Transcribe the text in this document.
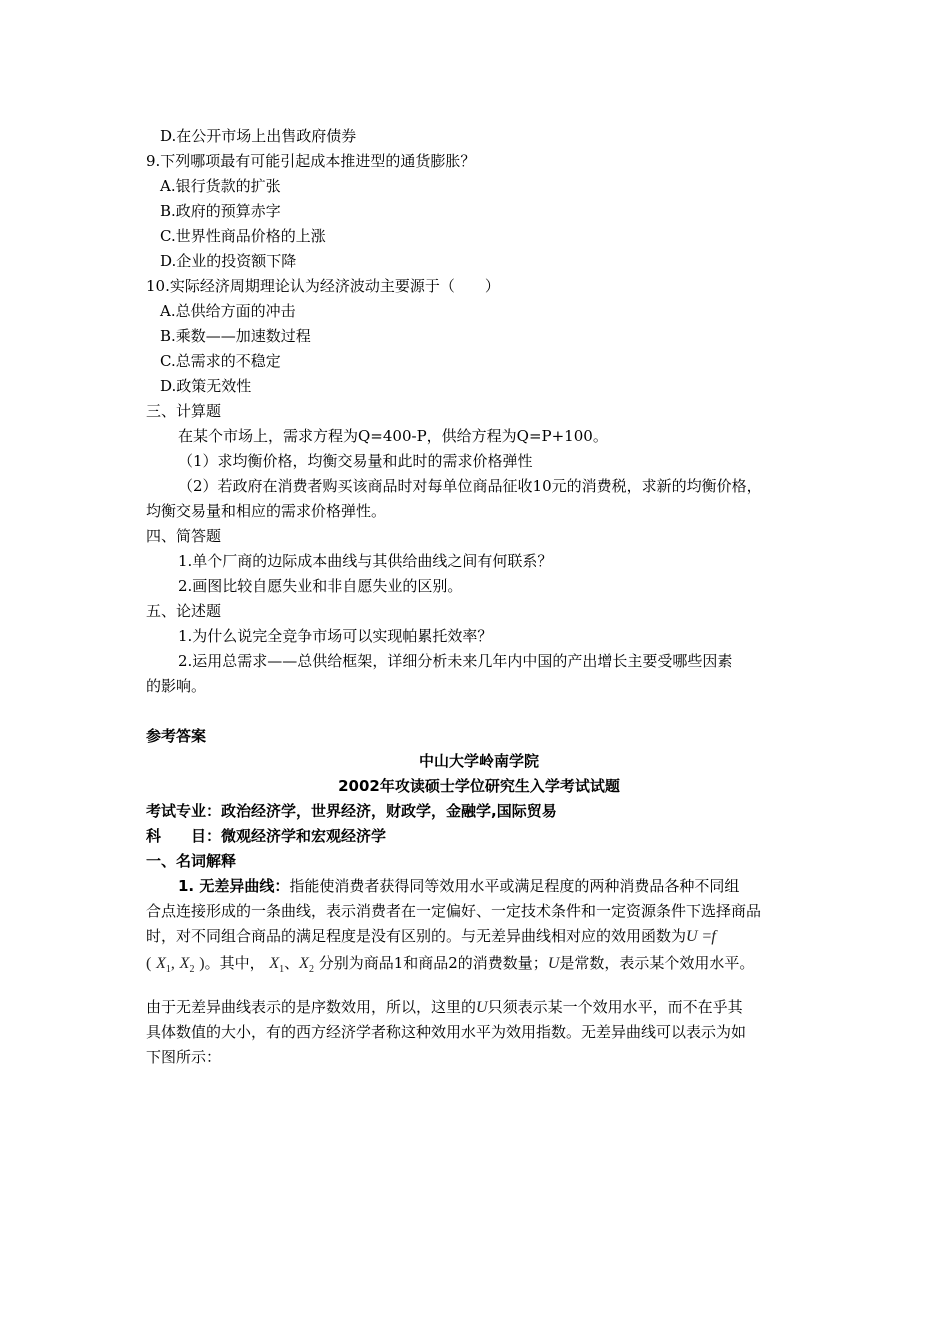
D.在公开市场上出售政府债券
9.下列哪项最有可能引起成本推进型的通货膨胀？
A.银行货款的扩张
B.政府的预算赤字
C.世界性商品价格的上涨
D.企业的投资额下降
10.实际经济周期理论认为经济波动主要源于（　　）
A.总供给方面的冲击
B.乘数——加速数过程
C.总需求的不稳定
D.政策无效性
三、计算题
在某个市场上，需求方程为Q=400-P，供给方程为Q=P+100。
（1）求均衡价格，均衡交易量和此时的需求价格弹性
（2）若政府在消费者购买该商品时对每单位商品征收10元的消费税，求新的均衡价格，
均衡交易量和相应的需求价格弹性。
四、简答题
1.单个厂商的边际成本曲线与其供给曲线之间有何联系？
2.画图比较自愿失业和非自愿失业的区别。
五、论述题
1.为什么说完全竞争市场可以实现帕累托效率？
2.运用总需求——总供给框架，详细分析未来几年内中国的产出增长主要受哪些因素
的影响。
参考答案
中山大学岭南学院
2002年攻读硕士学位研究生入学考试试题
考试专业：政治经济学，世界经济，财政学，金融学,国际贸易
科　　目：微观经济学和宏观经济学
一、名词解释
1. 无差异曲线：指能使消费者获得同等效用水平或满足程度的两种消费品各种不同组
合点连接形成的一条曲线，表示消费者在一定偏好、一定技术条件和一定资源条件下选择商品
时，对不同组合商品的满足程度是没有区别的。与无差异曲线相对应的效用函数为U =f
( $X_1$, $X_2$ )。其中， $X_1$、$X_2$ 分别为商品1和商品2的消费数量；U是常数，表示某个效用水平。
由于无差异曲线表示的是序数效用，所以，这里的U只须表示某一个效用水平，而不在乎其
具体数值的大小，有的西方经济学者称这种效用水平为效用指数。无差异曲线可以表示为如
下图所示：
